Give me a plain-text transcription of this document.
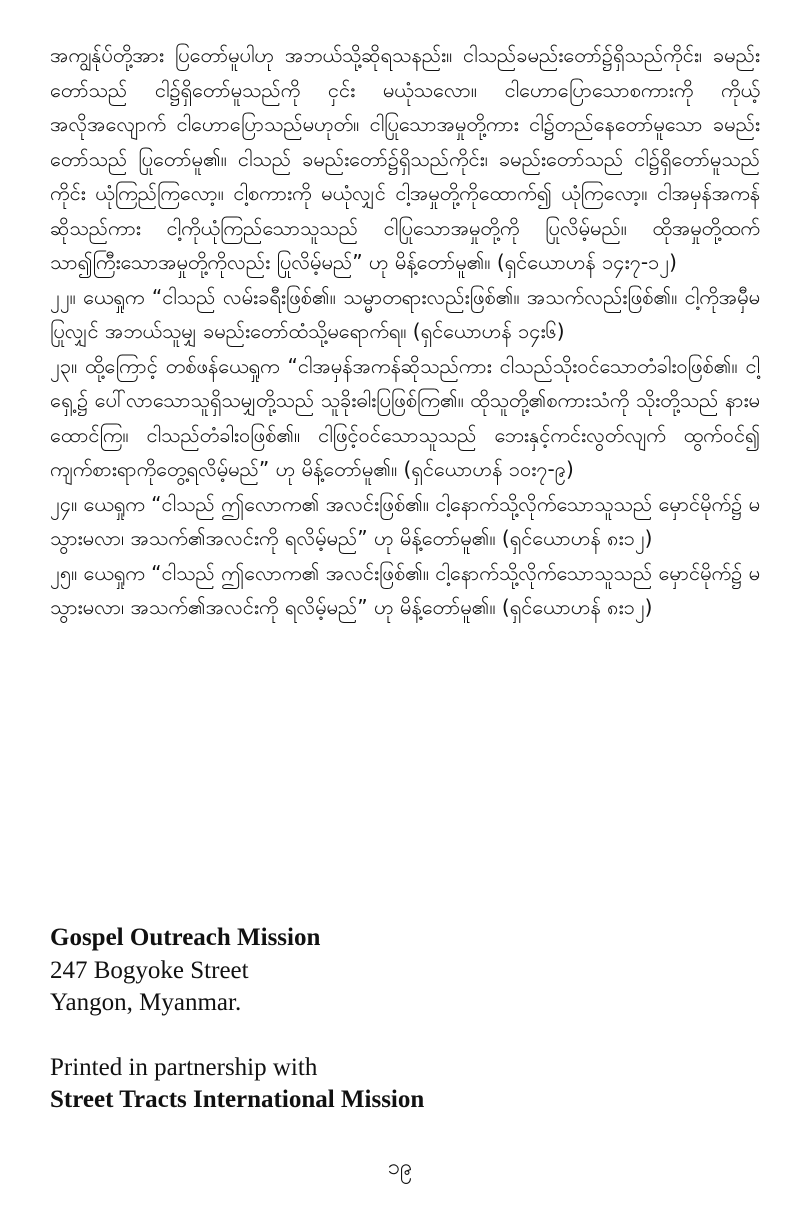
အကျွန်ုပ်တို့အား ပြတော်မူပါဟု အဘယ်သို့ဆိုရသနည်း။ ငါသည်ခမည်းတော်၌ရှိသည်ကိုင်း၊ ခမည်းတော်သည် ငါ၌ရှိတော်မူသည်ကို ငှင်း မယုံသလော။ ငါဟောပြောသောစကားကို ကိုယ့်အလိုအလျောက် ငါဟောပြောသည်မဟုတ်။ ငါပြုသောအမှုတို့ကား ငါ၌တည်နေတော်မူသော ခမည်းတော်သည် ပြုတော်မူ၏။ ငါသည် ခမည်းတော်၌ရှိသည်ကိုင်း၊ ခမည်းတော်သည် ငါ၌ရှိတော်မူသည်ကိုင်း ယုံကြည်ကြလော့။ ငါ့စကားကို မယုံလျှင် ငါ့အမှုတို့ကိုထောက်၍ ယုံကြလော့။ ငါအမှန်အကန် ဆိုသည်ကား ငါ့ကိုယုံကြည်သောသူသည် ငါပြုသောအမှုတို့ကို ပြုလိမ့်မည်။ ထိုအမှုတို့ထက် သာ၍ကြီးသောအမှုတို့ကိုလည်း ပြုလိမ့်မည်” ဟု မိန့်တော်မူ၏။ (ရှင်ယောဟန် ၁၄း၇-၁၂)

၂၂။ ယေရှုက “ငါသည် လမ်းခရီးဖြစ်၏။ သမ္မာတရားလည်းဖြစ်၏။ အသက်လည်းဖြစ်၏။ ငါ့ကိုအမှီမပြုလျှင် အဘယ်သူမျှ ခမည်းတော်ထံသို့မရောက်ရ။ (ရှင်ယောဟန် ၁၄း၆)

၂၃။ ထို့ကြောင့် တစ်ဖန်ယေရှုက “ငါအမှန်အကန်ဆိုသည်ကား ငါသည်သိုးဝင်သောတံခါးဝဖြစ်၏။ ငါ့ရှေ့၌ ပေါ်လာသောသူရှိသမျှတို့သည် သူခိုးဓါးပြဖြစ်ကြ၏။ ထိုသူတို့၏စကားသံကို သိုးတို့သည် နားမထောင်ကြ။ ငါသည်တံခါးဝဖြစ်၏။ ငါဖြင့်ဝင်သောသူသည် ဘေးနှင့်ကင်းလွတ်လျက် ထွက်ဝင်၍ ကျက်စားရာကိုတွေ့ရလိမ့်မည်” ဟု မိန့်တော်မူ၏။ (ရှင်ယောဟန် ၁၀း၇-၉)

၂၄။ ယေရှုက “ငါသည် ဤလောက၏ အလင်းဖြစ်၏။ ငါ့နောက်သို့လိုက်သောသူသည် မှောင်မိုက်၌ မသွားမလာ၊ အသက်၏အလင်းကို ရလိမ့်မည်” ဟု မိန့်တော်မူ၏။ (ရှင်ယောဟန် ၈း၁၂)

၂၅။ ယေရှုက “ငါသည် ဤလောက၏ အလင်းဖြစ်၏။ ငါ့နောက်သို့လိုက်သောသူသည် မှောင်မိုက်၌ မသွားမလာ၊ အသက်၏အလင်းကို ရလိမ့်မည်” ဟု မိန့်တော်မူ၏။ (ရှင်ယောဟန် ၈း၁၂)

Gospel Outreach Mission
247 Bogyoke Street
Yangon, Myanmar.
Printed in partnership with
Street Tracts International Mission
၁၉
